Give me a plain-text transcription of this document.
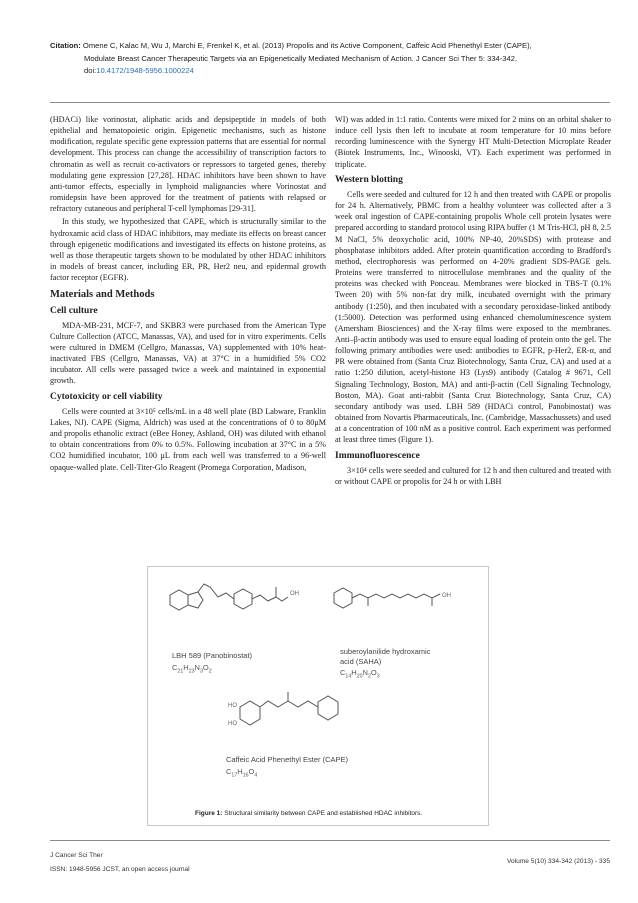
Citation: Omene C, Kalac M, Wu J, Marchi E, Frenkel K, et al. (2013) Propolis and its Active Component, Caffeic Acid Phenethyl Ester (CAPE),
Modulate Breast Cancer Therapeutic Targets via an Epigenetically Mediated Mechanism of Action. J Cancer Sci Ther 5: 334-342.
doi:10.4172/1948-5956.1000224

(HDACi) like vorinostat, aliphatic acids and depsipeptide in models of both epithelial and hematopoietic origin. Epigenetic mechanisms, such as histone modification, regulate specific gene expression patterns that are essential for normal development. This process can change the accessibility of transcription factors to chromatin as well as recruit co-activators or repressors to targeted genes, thereby modulating gene expression [27,28]. HDAC inhibitors have been shown to have anti-tumor effects, especially in lymphoid malignancies where Vorinostat and romidepsin have been approved for the treatment of patients with relapsed or refractory cutaneous and peripheral T-cell lymphomas [29-31].

In this study, we hypothesized that CAPE, which is structurally similar to the hydroxamic acid class of HDAC inhibitors, may mediate its effects on breast cancer through epigenetic modifications and investigated its effects on histone proteins, as well as those therapeutic targets shown to be modulated by other HDAC inhibitors in models of breast cancer, including ER, PR, Her2 neu, and epidermal growth factor receptor (EGFR).

Materials and Methods
Cell culture

MDA-MB-231, MCF-7, and SKBR3 were purchased from the American Type Culture Collection (ATCC, Manassas, VA), and used for in vitro experiments. Cells were cultured in DMEM (Cellgro, Manassas, VA) supplemented with 10% heat-inactivated FBS (Cellgro, Manassas, VA) at 37°C in a humidified 5% CO2 incubator. All cells were passaged twice a week and maintained in exponential growth.

Cytotoxicity or cell viability

Cells were counted at 3×10⁵ cells/mL in a 48 well plate (BD Labware, Franklin Lakes, NJ). CAPE (Sigma, Aldrich) was used at the concentrations of 0 to 80μM and propolis ethanolic extract (eBee Honey, Ashland, OH) was diluted with ethanol to obtain concentrations from 0% to 0.5%. Following incubation at 37°C in a 5% CO2 humidified incubator, 100 μL from each well was transferred to a 96-well opaque-walled plate. Cell-Titer-Glo Reagent (Promega Corporation, Madison,

WI) was added in 1:1 ratio. Contents were mixed for 2 mins on an orbital shaker to induce cell lysis then left to incubate at room temperature for 10 mins before recording luminescence with the Synergy HT Multi-Detection Microplate Reader (Biotek Instruments, Inc., Winooski, VT). Each experiment was performed in triplicate.

Western blotting

Cells were seeded and cultured for 12 h and then treated with CAPE or propolis for 24 h. Alternatively, PBMC from a healthy volunteer was collected after a 3 week oral ingestion of CAPE-containing propolis Whole cell protein lysates were prepared according to standard protocol using RIPA buffer (1 M Tris-HCl, pH 8, 2.5 M NaCl, 5% deoxycholic acid, 100% NP-40, 20%SDS) with protease and phosphatase inhibitors added. After protein quantification according to Bradford's method, electrophoresis was performed on 4-20% gradient SDS-PAGE gels. Proteins were transferred to nitrocellulose membranes and the quality of the proteins was checked with Ponceau. Membranes were blocked in TBS-T (0.1% Tween 20) with 5% non-fat dry milk, incubated overnight with the primary antibody (1:250), and then incubated with a secondary peroxidase-linked antibody (1:5000). Detection was performed using enhanced chemoluminescence system (Amersham Biosciences) and the X-ray films were exposed to the membranes. Anti–β-actin antibody was used to ensure equal loading of protein onto the gel. The following primary antibodies were used: antibodies to EGFR, p-Her2, ER-α, and PR were obtained from (Santa Cruz Biotechnology, Santa Cruz, CA) and used at a ratio 1:250 dilution, acetyl-histone H3 (Lys9) antibody (Catalog # 9671, Cell Signaling Technology, Boston, MA) and anti-β-actin (Cell Signaling Technology, Boston, MA). Goat anti-rabbit (Santa Cruz Biotechnology, Santa Cruz, CA) secondary antibody was used. LBH 589 (HDACi control, Panobinostat) was obtained from Novartis Pharmaceuticals, Inc. (Cambridge, Massachussets) and used at a concentration of 100 nM as a positive control. Each experiment was performed at least three times (Figure 1).

Immunofluorescence

3×10⁴ cells were seeded and cultured for 12 h and then cultured and treated with or without CAPE or propolis for 24 h or with LBH

HO
HO
OH	OH
LBH 589 (Panobinostat)
$C_{21}H_{23}N_3O_2$
suberoylanilide hydroxamic
acid (SAHA)
$C_{14}H_{20}N_2O_3$
Caffeic Acid Phenethyl Ester (CAPE)
$C_{17}H_{16}O_4$
Figure 1: Structural similarity between CAPE and established HDAC inhibitors.
J Cancer Sci Ther
ISSN: 1948-5956 JCST, an open access journal
Volume 5(10) 334-342 (2013) - 335
